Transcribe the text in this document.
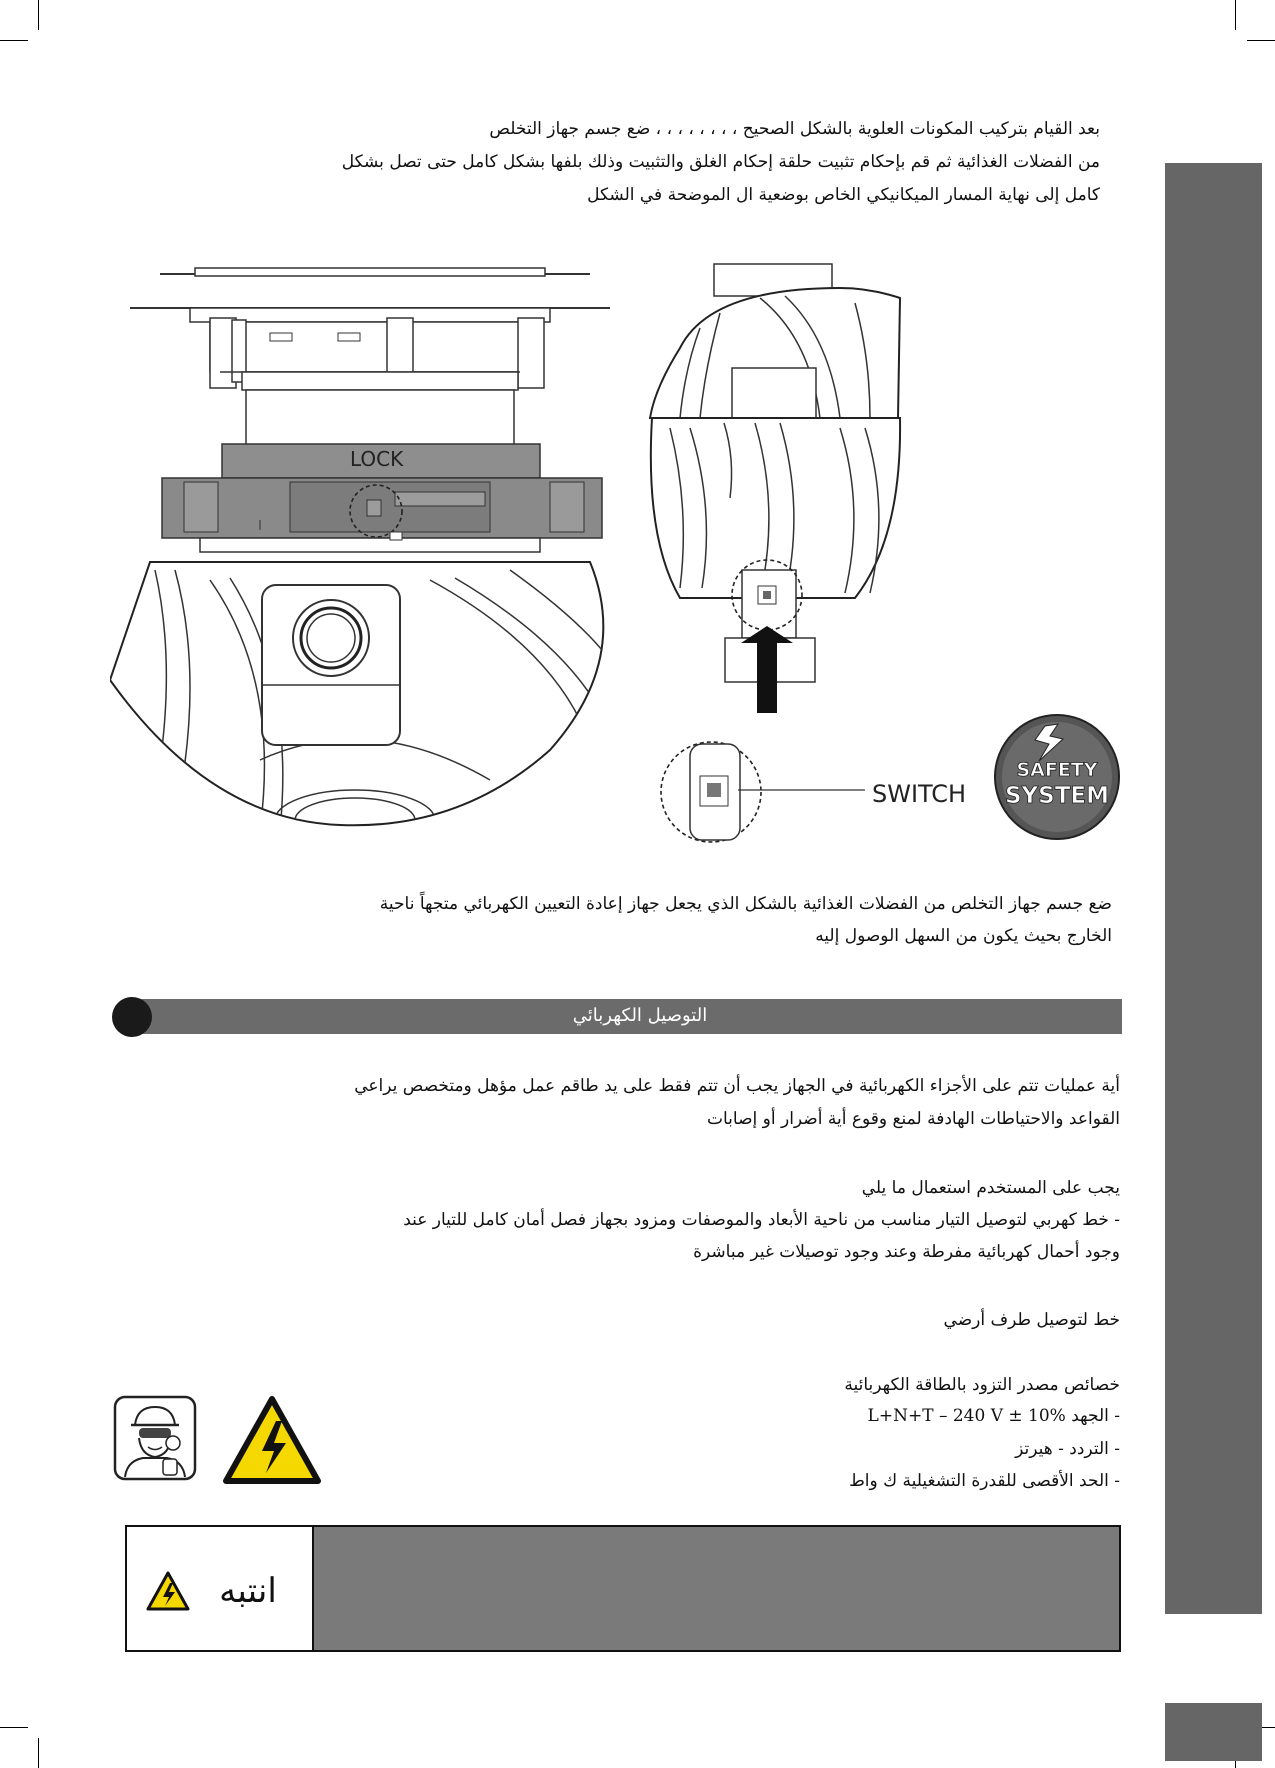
بعد القيام بتركيب المكونات العلوية بالشكل الصحيح ، ، ، ، ، ، ، ، ضع جسم جهاز التخلص
من الفضلات الغذائية ثم قم بإحكام تثبيت حلقة إحكام الغلق والتثبيت وذلك بلفها بشكل كامل حتى تصل بشكل
كامل إلى نهاية المسار الميكانيكي الخاص بوضعية ال الموضحة في الشكل
LOCK
SWITCH
SAFETY
SYSTEM
ضع جسم جهاز التخلص من الفضلات الغذائية بالشكل الذي يجعل جهاز إعادة التعيين الكهربائي متجهاً ناحية
الخارج بحيث يكون من السهل الوصول إليه
التوصيل الكهربائي
أية عمليات تتم على الأجزاء الكهربائية في الجهاز يجب أن تتم فقط على يد طاقم عمل مؤهل ومتخصص يراعي
القواعد والاحتياطات الهادفة لمنع وقوع أية أضرار أو إصابات
يجب على المستخدم استعمال ما يلي
- خط كهربي لتوصيل التيار مناسب من ناحية الأبعاد والموصفات ومزود بجهاز فصل أمان كامل للتيار عند
وجود أحمال كهربائية مفرطة وعند وجود توصيلات غير مباشرة
خط لتوصيل طرف أرضي
خصائص مصدر التزود بالطاقة الكهربائية
- الجهد L+N+T – 240 V ± 10%
- التردد - هيرتز
- الحد الأقصى للقدرة التشغيلية ك واط
انتبه
